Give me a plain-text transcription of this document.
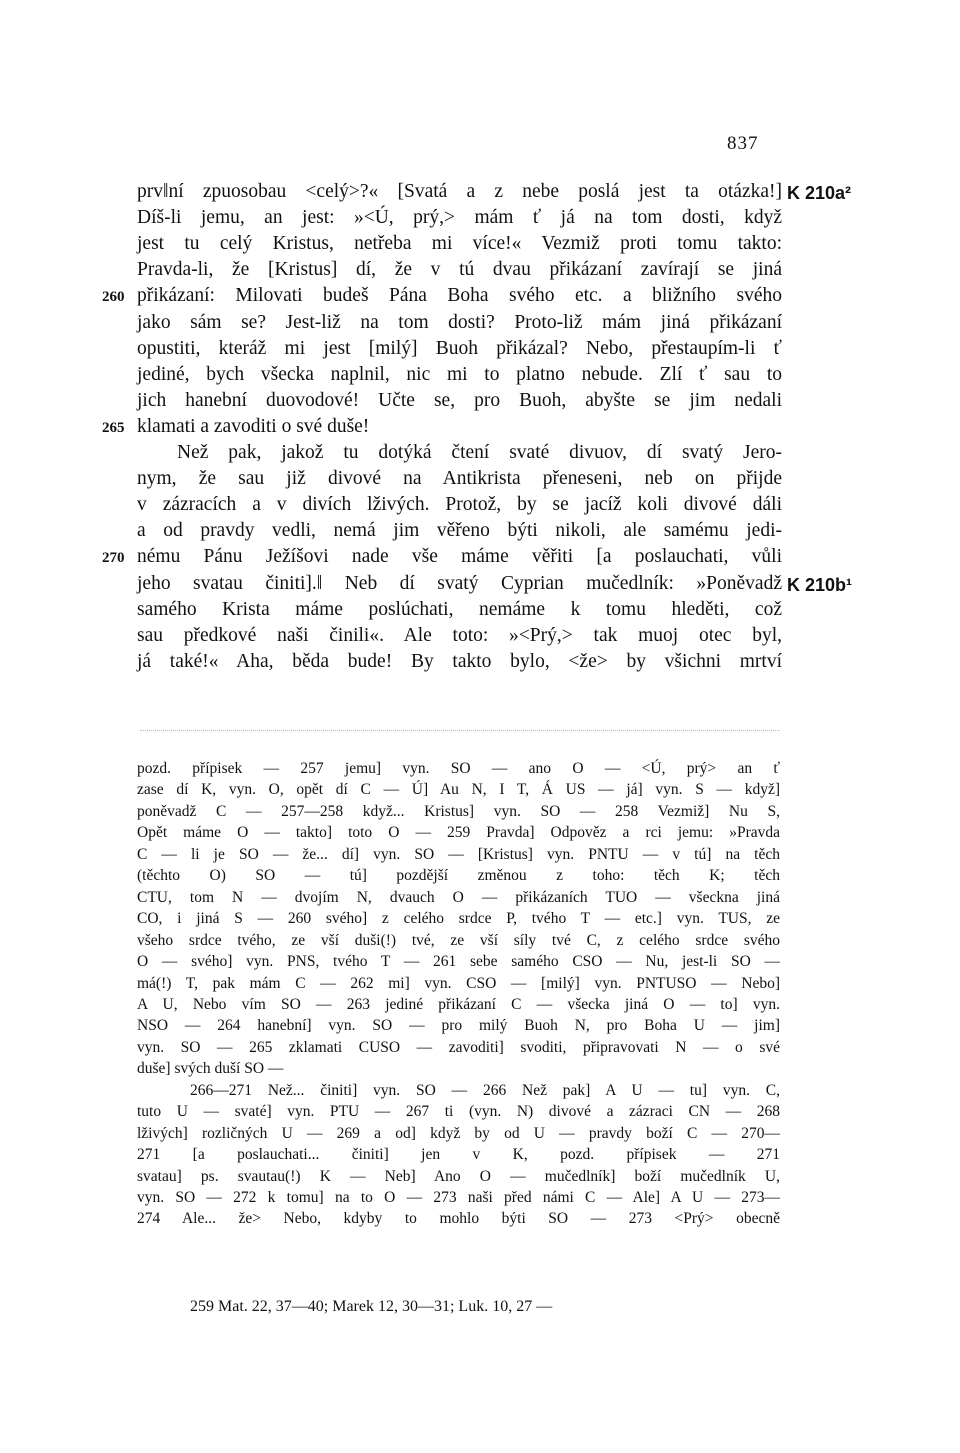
837
prv‖ní zpuosobau <celý>?« [Svatá a z nebe poslá jest ta otázka!] K 210a²
Díš-li jemu, an jest: »<Ú, prý,> mám ť já na tom dosti, když
jest tu celý Kristus, netřeba mi více!« Vezmiž proti tomu takto:
Pravda-li, že [Kristus] dí, že v tú dvau přikázaní zavírají se jiná
přikázaní: Milovati budeš Pána Boha svého etc. a bližního svého
260
jako sám se? Jest-liž na tom dosti? Proto-liž mám jiná přikázaní
opustiti, kteráž mi jest [milý] Buoh přikázal? Nebo, přestaupím-li ť
jediné, bych všecka naplnil, nic mi to platno nebude. Zlí ť sau to
jich hanební duovodové! Učte se, pro Buoh, abyšte se jim nedali
klamati a zavoditi o své duše!
265
Než pak, jakož tu dotýká čtení svaté divuov, dí svatý Jero-
nym, že sau již divové na Antikrista přeneseni, neb on přijde
v zázracích a v divích lživých. Protož, by se jacíž koli divové dáli
a od pravdy vedli, nemá jim věřeno býti nikoli, ale samému jedi-
nému Pánu Ježíšovi nade vše máme věřiti [a poslauchati, vůli
270
jeho svatau činiti].‖ Neb dí svatý Cyprian mučedlník: »Poněvadž K 210b¹
samého Krista máme poslúchati, nemáme k tomu hleděti, což
sau předkové naši činili«. Ale toto: »<Prý,> tak muoj otec byl,
já také!« Aha, běda bude! By takto bylo, <že> by všichni mrtví
pozd. přípisek — 257 jemu] vyn. SO — ano O — <Ú, prý> an ť
zase dí K, vyn. O, opět dí C — Ú] Au N, I T, Á US — já] vyn. S — když]
poněvadž C — 257—258 když... Kristus] vyn. SO — 258 Vezmiž] Nu S,
Opět máme O — takto] toto O — 259 Pravda] Odpověz a rci jemu: »Pravda
C — li je SO — že... dí] vyn. SO — [Kristus] vyn. PNTU — v tú] na těch
(těchto O) SO — tú] pozdější změnou z toho: těch K; těch
CTU, tom N — dvojím N, dvauch O — přikázaních TUO — všeckna jiná
CO, i jiná S — 260 svého] z celého srdce P, tvého T — etc.] vyn. TUS, ze
všeho srdce tvého, ze vší duši(!) tvé, ze vší síly tvé C, z celého srdce svého
O — svého] vyn. PNS, tvého T — 261 sebe samého CSO — Nu, jest-li SO —
má(!) T, pak mám C — 262 mi] vyn. CSO — [milý] vyn. PNTUSO — Nebo]
A U, Nebo vím SO — 263 jediné přikázaní C — všecka jiná O — to] vyn.
NSO — 264 hanební] vyn. SO — pro milý Buoh N, pro Boha U — jim]
vyn. SO — 265 zklamati CUSO — zavoditi] svoditi, připravovati N — o své
duše] svých duší SO —
266—271 Než... činiti] vyn. SO — 266 Než pak] A U — tu] vyn. C,
tuto U — svaté] vyn. PTU — 267 ti (vyn. N) divové a zázraci CN — 268
lživých] rozličných U — 269 a od] když by od U — pravdy boží C — 270—
271 [a poslauchati... činiti] jen v K, pozd. přípisek — 271
svatau] ps. svautau(!) K — Neb] Ano O — mučedlník] boží mučedlník U,
vyn. SO — 272 k tomu] na to O — 273 naši před námi C — Ale] A U — 273—
274 Ale... že> Nebo, kdyby to mohlo býti SO — 273 <Prý> obecně
259 Mat. 22, 37—40; Marek 12, 30—31; Luk. 10, 27 —
